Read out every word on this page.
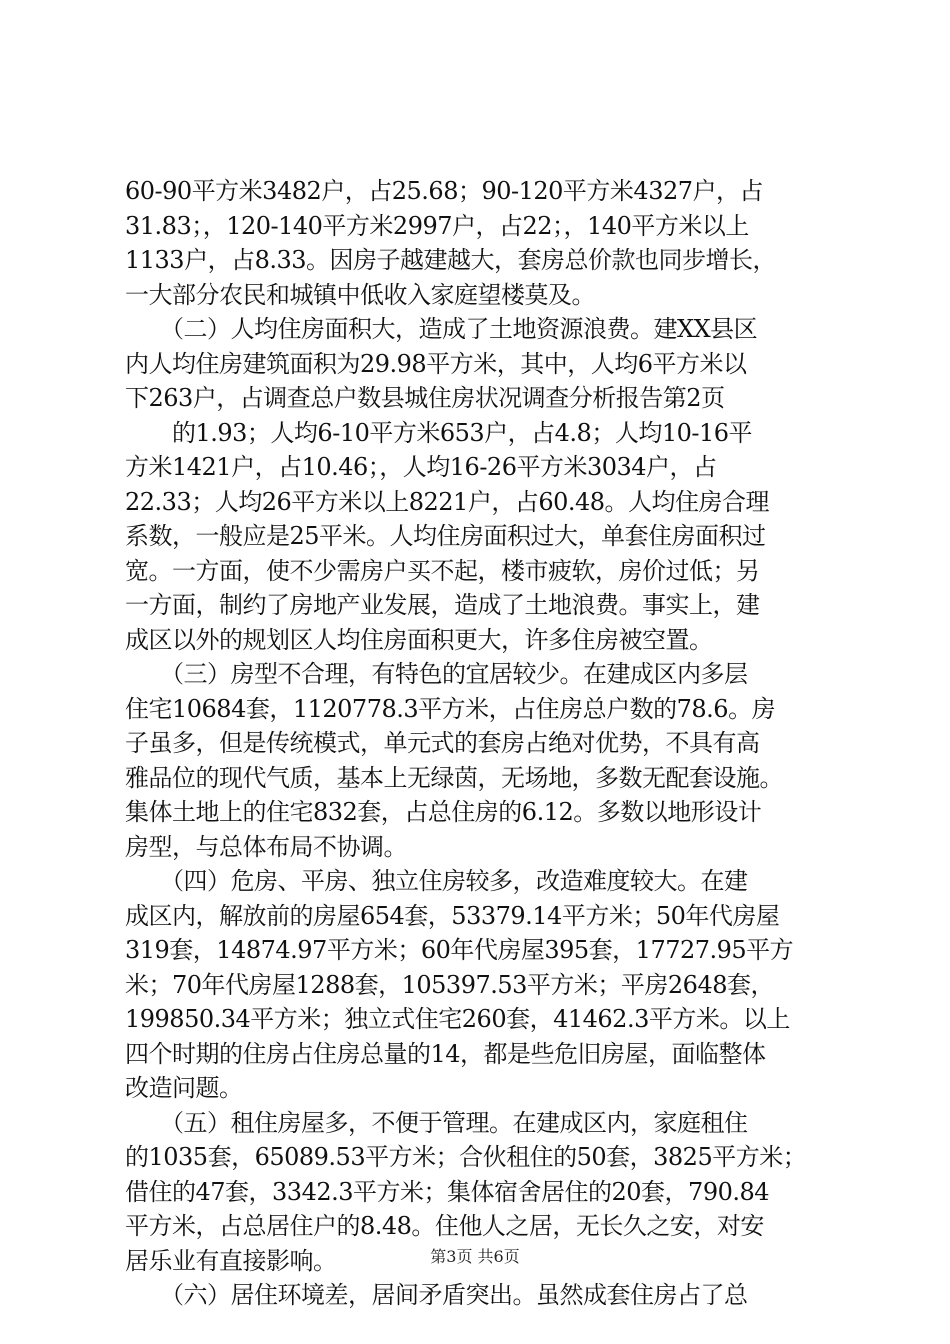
60-90平方米3482户，占25.68；90-120平方米4327户，占
31.83；，120-140平方米2997户，占22；，140平方米以上
1133户，占8.33。因房子越建越大，套房总价款也同步增长，
一大部分农民和城镇中低收入家庭望楼莫及。
　　（二）人均住房面积大，造成了土地资源浪费。建XX县区
内人均住房建筑面积为29.98平方米，其中，人均6平方米以
下263户，占调查总户数县城住房状况调查分析报告第2页
　　的1.93；人均6-10平方米653户，占4.8；人均10-16平
方米1421户，占10.46；，人均16-26平方米3034户，占
22.33；人均26平方米以上8221户，占60.48。人均住房合理
系数，一般应是25平米。人均住房面积过大，单套住房面积过
宽。一方面，使不少需房户买不起，楼市疲软，房价过低；另
一方面，制约了房地产业发展，造成了土地浪费。事实上，建
成区以外的规划区人均住房面积更大，许多住房被空置。
　　（三）房型不合理，有特色的宜居较少。在建成区内多层
住宅10684套，1120778.3平方米，占住房总户数的78.6。房
子虽多，但是传统模式，单元式的套房占绝对优势，不具有高
雅品位的现代气质，基本上无绿茵，无场地，多数无配套设施。
集体土地上的住宅832套，占总住房的6.12。多数以地形设计
房型，与总体布局不协调。
　　（四）危房、平房、独立住房较多，改造难度较大。在建
成区内，解放前的房屋654套，53379.14平方米；50年代房屋
319套，14874.97平方米；60年代房屋395套，17727.95平方
米；70年代房屋1288套，105397.53平方米；平房2648套，
199850.34平方米；独立式住宅260套，41462.3平方米。以上
四个时期的住房占住房总量的14，都是些危旧房屋，面临整体
改造问题。
　　（五）租住房屋多，不便于管理。在建成区内，家庭租住
的1035套，65089.53平方米；合伙租住的50套，3825平方米；
借住的47套，3342.3平方米；集体宿舍居住的20套，790.84
平方米，占总居住户的8.48。住他人之居，无长久之安，对安
居乐业有直接影响。
　　（六）居住环境差，居间矛盾突出。虽然成套住房占了总
第3页 共6页
